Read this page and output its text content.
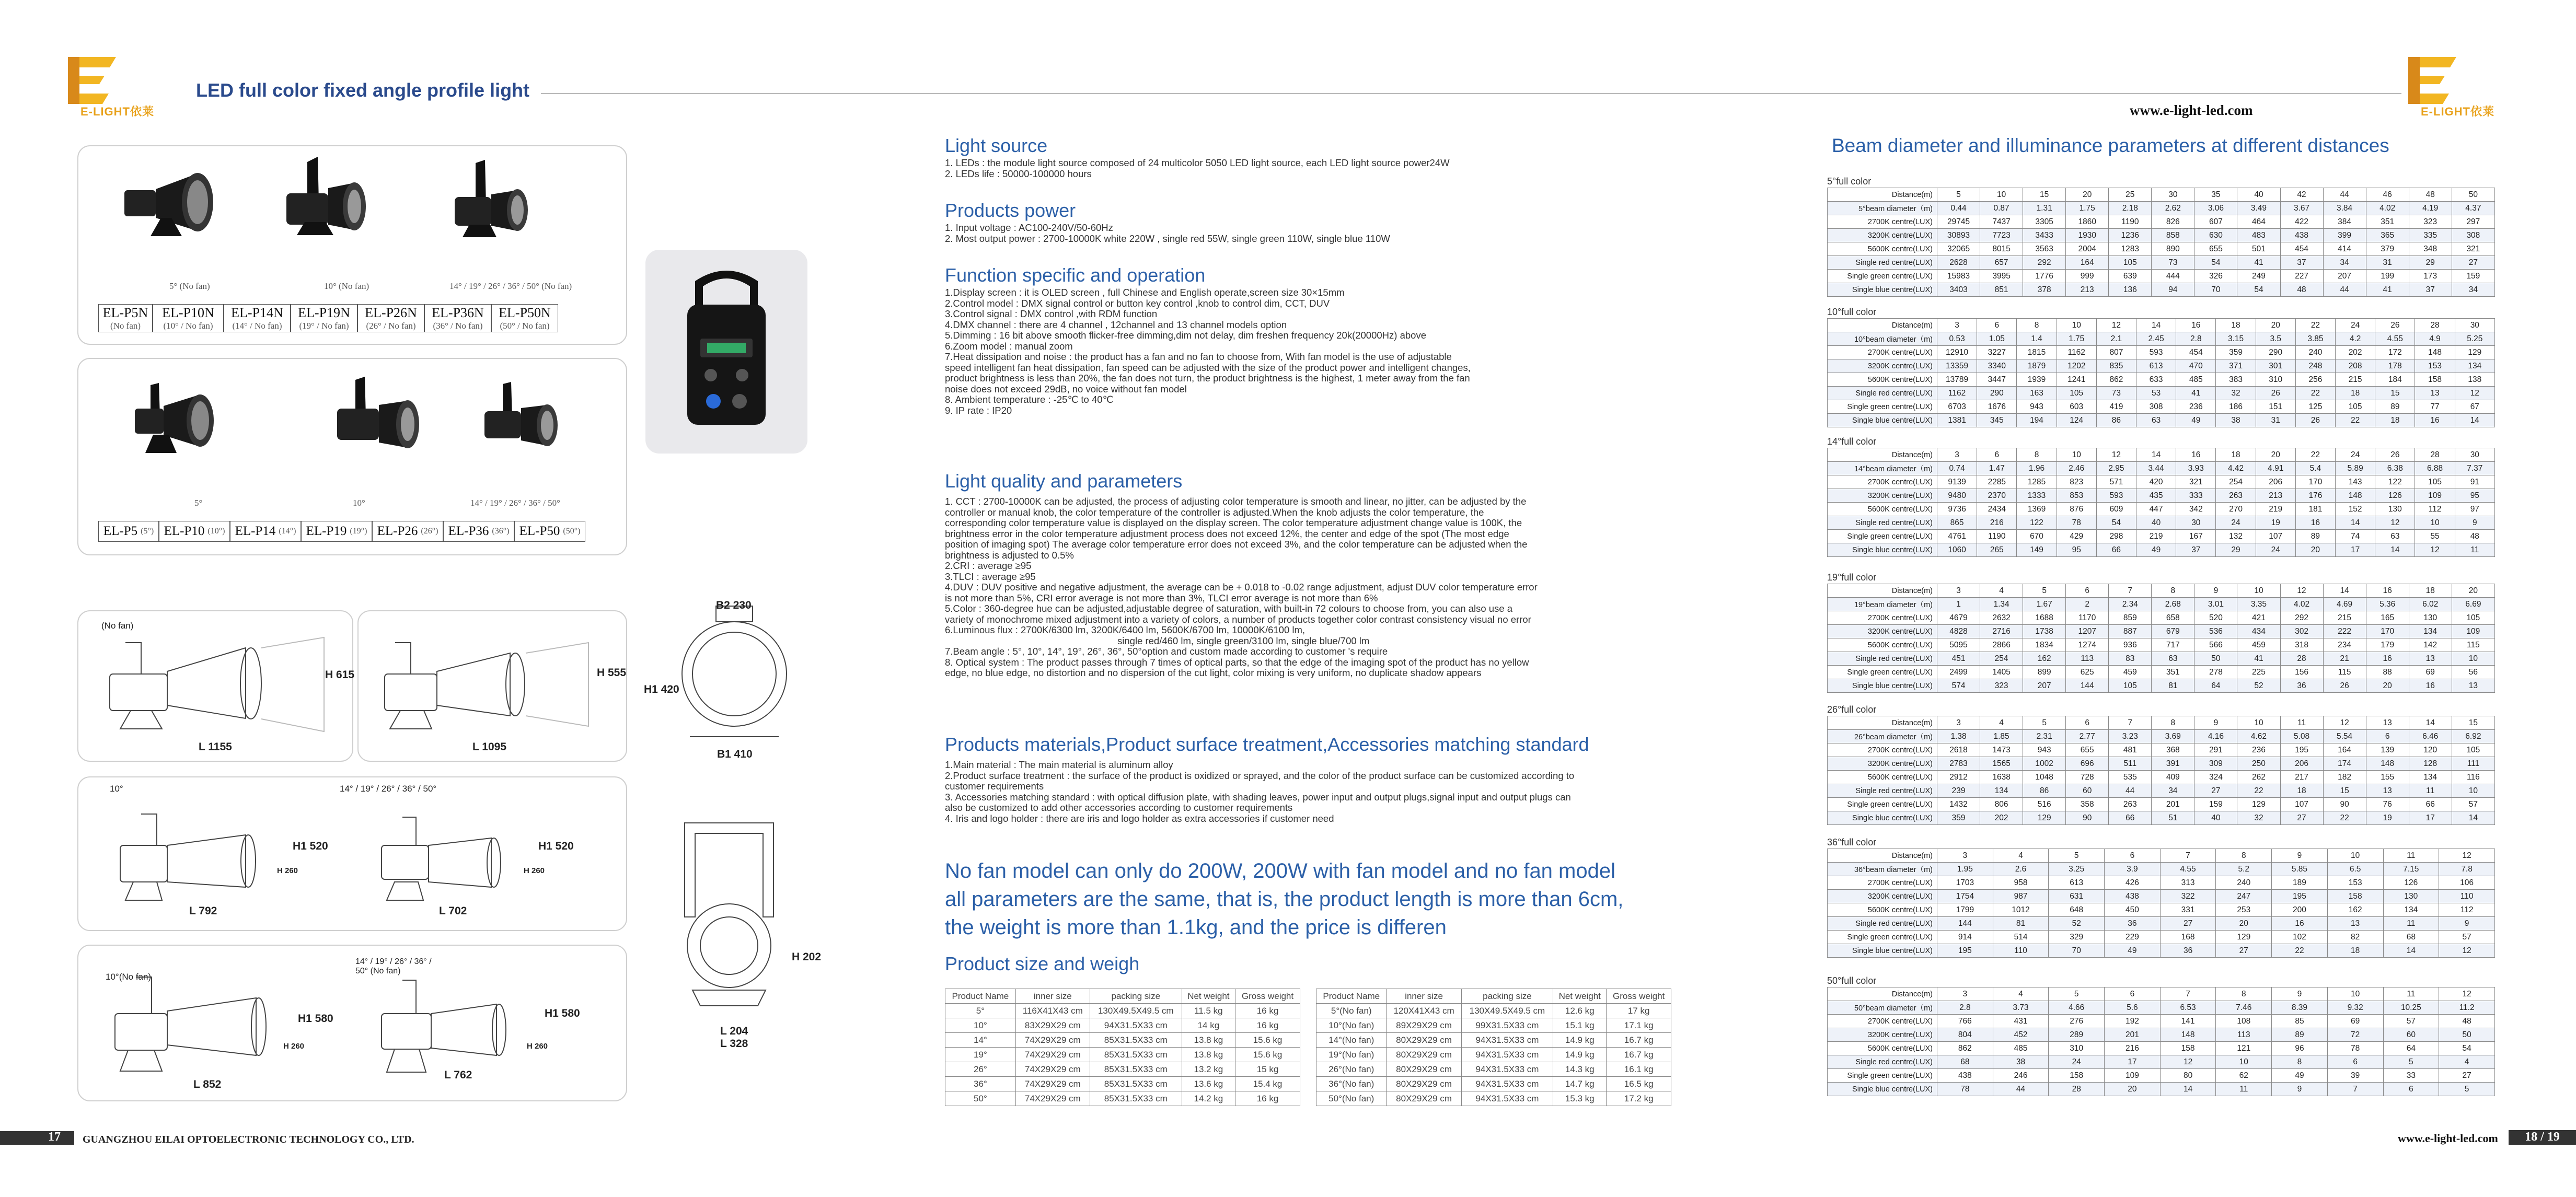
E-LIGHT依莱
LED full color fixed angle profile light
www.e-light-led.com	E-LIGHT依莱
5° (No fan)	10° (No fan)	14° / 19° / 26° / 36° / 50° (No fan)
EL-P5N
(No fan)
EL-P10N
(10° / No fan)
EL-P14N
(14° / No fan)
EL-P19N
(19° / No fan)
EL-P26N
(26° / No fan)
EL-P36N
(36° / No fan)
EL-P50N
(50° / No fan)
5°	10°	14° / 19° / 26° / 36° / 50°
EL-P5 (5°) EL-P10 (10°) EL-P14 (14°) EL-P19 (19°) EL-P26 (26°) EL-P36 (36°) EL-P50 (50°)
(No fan)
H 615
L 1155
H 555
L 1095
10°
H1 520
H 260
L 792
14° / 19° / 26° / 36° / 50°
H1 520
H 260
L 702
10°(No fan)
H1 580
H 260
L 852
14° / 19° / 26° / 36° / 50° (No fan)
H1 580
H 260
L 762
B2 230
H1 420
B1 410
H 202
L 204
L 328
Light source

1. LEDs : the module light source composed of 24 multicolor 5050 LED light source, each LED light source power24W

2. LEDs life : 50000-100000 hours

Products power

1. Input voltage : AC100-240V/50-60Hz

2. Most output power : 2700-10000K white 220W , single red 55W, single green 110W, single blue 110W

Function specific and operation

1.Display screen : it is OLED screen , full Chinese and English operate,screen size 30×15mm

2.Control model : DMX signal control or button key control ,knob to control dim, CCT, DUV

3.Control signal : DMX control ,with RDM function

4.DMX channel : there are 4 channel , 12channel and 13 channel models option

5.Dimming : 16 bit above smooth flicker-free dimming,dim not delay, dim freshen frequency 20k(20000Hz) above

6.Zoom model : manual zoom

7.Heat dissipation and noise : the product has a fan and no fan to choose from, With fan model is the use of adjustable

speed intelligent fan heat dissipation, fan speed can be adjusted with the size of the product power and intelligent changes,

product brightness is less than 20%, the fan does not turn, the product brightness is the highest, 1 meter away from the fan

noise does not exceed 29dB, no voice without fan model

8. Ambient temperature : -25℃ to 40℃

9. IP rate : IP20

Light quality and parameters

1. CCT : 2700-10000K can be adjusted, the process of adjusting color temperature is smooth and linear, no jitter, can be adjusted by the

controller or manual knob, the color temperature of the controller is adjusted.When the knob adjusts the color temperature, the

corresponding color temperature value is displayed on the display screen. The color temperature adjustment change value is 100K, the

brightness error in the color temperature adjustment process does not exceed 12%, the center and edge of the spot (The most edge

position of imaging spot) The average color temperature error does not exceed 3%, and the color temperature can be adjusted when the

brightness is adjusted to 0.5%

2.CRI : average ≥95

3.TLCI : average ≥95

4.DUV : DUV positive and negative adjustment, the average can be + 0.018 to -0.02 range adjustment, adjust DUV color temperature error

is not more than 5%, CRI error average is not more than 3%, TLCI error average is not more than 6%

5.Color : 360-degree hue can be adjusted,adjustable degree of saturation, with built-in 72 colours to choose from, you can also use a

variety of monochrome mixed adjustment into a variety of colors, a number of products together color contrast consistency visual no error

6.Luminous flux : 2700K/6300 lm, 3200K/6400 lm, 5600K/6700 lm, 10000K/6100 lm,

single red/460 lm, single green/3100 lm, single blue/700 lm

7.Beam angle : 5°, 10°, 14°, 19°, 26°, 36°, 50°option and custom made according to customer 's require

8. Optical system : The product passes through 7 times of optical parts, so that the edge of the imaging spot of the product has no yellow

edge, no blue edge, no distortion and no dispersion of the cut light, color mixing is very uniform, no duplicate shadow appears

Products materials,Product surface treatment,Accessories matching standard

1.Main material : The main material is aluminum alloy

2.Product surface treatment : the surface of the product is oxidized or sprayed, and the color of the product surface can be customized according to

customer requirements

3. Accessories matching standard : with optical diffusion plate, with shading leaves, power input and output plugs,signal input and output plugs can

also be customized to add other accessories according to customer requirements

4. Iris and logo holder : there are iris and logo holder as extra accessories if customer need

No fan model can only do 200W, 200W with fan model and no fan model all parameters are the same, that is, the product length is more than 6cm, the weight is more than 1.1kg, and the price is differen
Product size and weigh
Product Name	inner size	packing size	Net weight	Gross weight
5°	116X41X43 cm	130X49.5X49.5 cm	11.5 kg	16 kg
10°	83X29X29 cm	94X31.5X33 cm	14 kg	16 kg
14°	74X29X29 cm	85X31.5X33 cm	13.8 kg	15.6 kg
19°	74X29X29 cm	85X31.5X33 cm	13.8 kg	15.6 kg
26°	74X29X29 cm	85X31.5X33 cm	13.2 kg	15 kg
36°	74X29X29 cm	85X31.5X33 cm	13.6 kg	15.4 kg
50°	74X29X29 cm	85X31.5X33 cm	14.2 kg	16 kg
Product Name	inner size	packing size	Net weight	Gross weight
5°(No fan)	120X41X43 cm	130X49.5X49.5 cm	12.6 kg	17 kg
10°(No fan)	89X29X29 cm	99X31.5X33 cm	15.1 kg	17.1 kg
14°(No fan)	80X29X29 cm	94X31.5X33 cm	14.9 kg	16.7 kg
19°(No fan)	80X29X29 cm	94X31.5X33 cm	14.9 kg	16.7 kg
26°(No fan)	80X29X29 cm	94X31.5X33 cm	14.3 kg	16.1 kg
36°(No fan)	80X29X29 cm	94X31.5X33 cm	14.7 kg	16.5 kg
50°(No fan)	80X29X29 cm	94X31.5X33 cm	15.3 kg	17.2 kg
Beam diameter and illuminance parameters at different distances
5°full color
Distance(m)	5	10	15	20	25	30	35	40	42	44	46	48	50
5°beam diameter（m)	0.44	0.87	1.31	1.75	2.18	2.62	3.06	3.49	3.67	3.84	4.02	4.19	4.37
2700K centre(LUX)	29745	7437	3305	1860	1190	826	607	464	422	384	351	323	297
3200K centre(LUX)	30893	7723	3433	1930	1236	858	630	483	438	399	365	335	308
5600K centre(LUX)	32065	8015	3563	2004	1283	890	655	501	454	414	379	348	321
Single red centre(LUX)	2628	657	292	164	105	73	54	41	37	34	31	29	27
Single green centre(LUX)	15983	3995	1776	999	639	444	326	249	227	207	199	173	159
Single blue centre(LUX)	3403	851	378	213	136	94	70	54	48	44	41	37	34
10°full color
Distance(m)	3	6	8	10	12	14	16	18	20	22	24	26	28	30
10°beam diameter（m)	0.53	1.05	1.4	1.75	2.1	2.45	2.8	3.15	3.5	3.85	4.2	4.55	4.9	5.25
2700K centre(LUX)	12910	3227	1815	1162	807	593	454	359	290	240	202	172	148	129
3200K centre(LUX)	13359	3340	1879	1202	835	613	470	371	301	248	208	178	153	134
5600K centre(LUX)	13789	3447	1939	1241	862	633	485	383	310	256	215	184	158	138
Single red centre(LUX)	1162	290	163	105	73	53	41	32	26	22	18	15	13	12
Single green centre(LUX)	6703	1676	943	603	419	308	236	186	151	125	105	89	77	67
Single blue centre(LUX)	1381	345	194	124	86	63	49	38	31	26	22	18	16	14
14°full color
Distance(m)	3	6	8	10	12	14	16	18	20	22	24	26	28	30
14°beam diameter（m)	0.74	1.47	1.96	2.46	2.95	3.44	3.93	4.42	4.91	5.4	5.89	6.38	6.88	7.37
2700K centre(LUX)	9139	2285	1285	823	571	420	321	254	206	170	143	122	105	91
3200K centre(LUX)	9480	2370	1333	853	593	435	333	263	213	176	148	126	109	95
5600K centre(LUX)	9736	2434	1369	876	609	447	342	270	219	181	152	130	112	97
Single red centre(LUX)	865	216	122	78	54	40	30	24	19	16	14	12	10	9
Single green centre(LUX)	4761	1190	670	429	298	219	167	132	107	89	74	63	55	48
Single blue centre(LUX)	1060	265	149	95	66	49	37	29	24	20	17	14	12	11
19°full color
Distance(m)	3	4	5	6	7	8	9	10	12	14	16	18	20
19°beam diameter（m)	1	1.34	1.67	2	2.34	2.68	3.01	3.35	4.02	4.69	5.36	6.02	6.69
2700K centre(LUX)	4679	2632	1688	1170	859	658	520	421	292	215	165	130	105
3200K centre(LUX)	4828	2716	1738	1207	887	679	536	434	302	222	170	134	109
5600K centre(LUX)	5095	2866	1834	1274	936	717	566	459	318	234	179	142	115
Single red centre(LUX)	451	254	162	113	83	63	50	41	28	21	16	13	10
Single green centre(LUX)	2499	1405	899	625	459	351	278	225	156	115	88	69	56
Single blue centre(LUX)	574	323	207	144	105	81	64	52	36	26	20	16	13
26°full color
Distance(m)	3	4	5	6	7	8	9	10	11	12	13	14	15
26°beam diameter（m)	1.38	1.85	2.31	2.77	3.23	3.69	4.16	4.62	5.08	5.54	6	6.46	6.92
2700K centre(LUX)	2618	1473	943	655	481	368	291	236	195	164	139	120	105
3200K centre(LUX)	2783	1565	1002	696	511	391	309	250	206	174	148	128	111
5600K centre(LUX)	2912	1638	1048	728	535	409	324	262	217	182	155	134	116
Single red centre(LUX)	239	134	86	60	44	34	27	22	18	15	13	11	10
Single green centre(LUX)	1432	806	516	358	263	201	159	129	107	90	76	66	57
Single blue centre(LUX)	359	202	129	90	66	51	40	32	27	22	19	17	14
36°full color
Distance(m)	3	4	5	6	7	8	9	10	11	12
36°beam diameter（m)	1.95	2.6	3.25	3.9	4.55	5.2	5.85	6.5	7.15	7.8
2700K centre(LUX)	1703	958	613	426	313	240	189	153	126	106
3200K centre(LUX)	1754	987	631	438	322	247	195	158	130	110
5600K centre(LUX)	1799	1012	648	450	331	253	200	162	134	112
Single red centre(LUX)	144	81	52	36	27	20	16	13	11	9
Single green centre(LUX)	914	514	329	229	168	129	102	82	68	57
Single blue centre(LUX)	195	110	70	49	36	27	22	18	14	12
50°full color
Distance(m)	3	4	5	6	7	8	9	10	11	12
50°beam diameter（m)	2.8	3.73	4.66	5.6	6.53	7.46	8.39	9.32	10.25	11.2
2700K centre(LUX)	766	431	276	192	141	108	85	69	57	48
3200K centre(LUX)	804	452	289	201	148	113	89	72	60	50
5600K centre(LUX)	862	485	310	216	158	121	96	78	64	54
Single red centre(LUX)	68	38	24	17	12	10	8	6	5	4
Single green centre(LUX)	438	246	158	109	80	62	49	39	33	27
Single blue centre(LUX)	78	44	28	20	14	11	9	7	6	5
17 GUANGZHOU EILAI OPTOELECTRONIC TECHNOLOGY CO., LTD.	www.e-light-led.com	18 / 19
